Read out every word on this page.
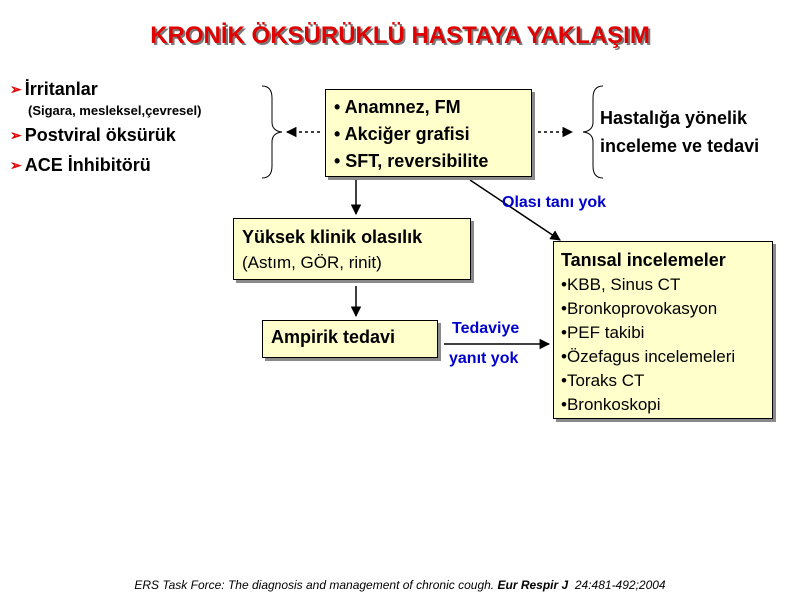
KRONİK ÖKSÜRÜKLÜ HASTAYA YAKLAŞIM
➢ İrritanlar
(Sigara, mesleksel,çevresel)
➢ Postviral öksürük
➢ ACE İnhibitörü
• Anamnez, FM
• Akciğer grafisi
• SFT, reversibilite
Hastalığa yönelik
inceleme ve tedavi
Olası tanı yok
Yüksek klinik olasılık
(Astım, GÖR, rinit)
Ampirik tedavi	Tedaviye
yanıt yok
Tanısal incelemeler
•KBB, Sinus CT
•Bronkoprovokasyon
•PEF takibi
•Özefagus incelemeleri
•Toraks CT
•Bronkoskopi
ERS Task Force: The diagnosis and management of chronic cough. Eur Respir J 24:481-492;2004
